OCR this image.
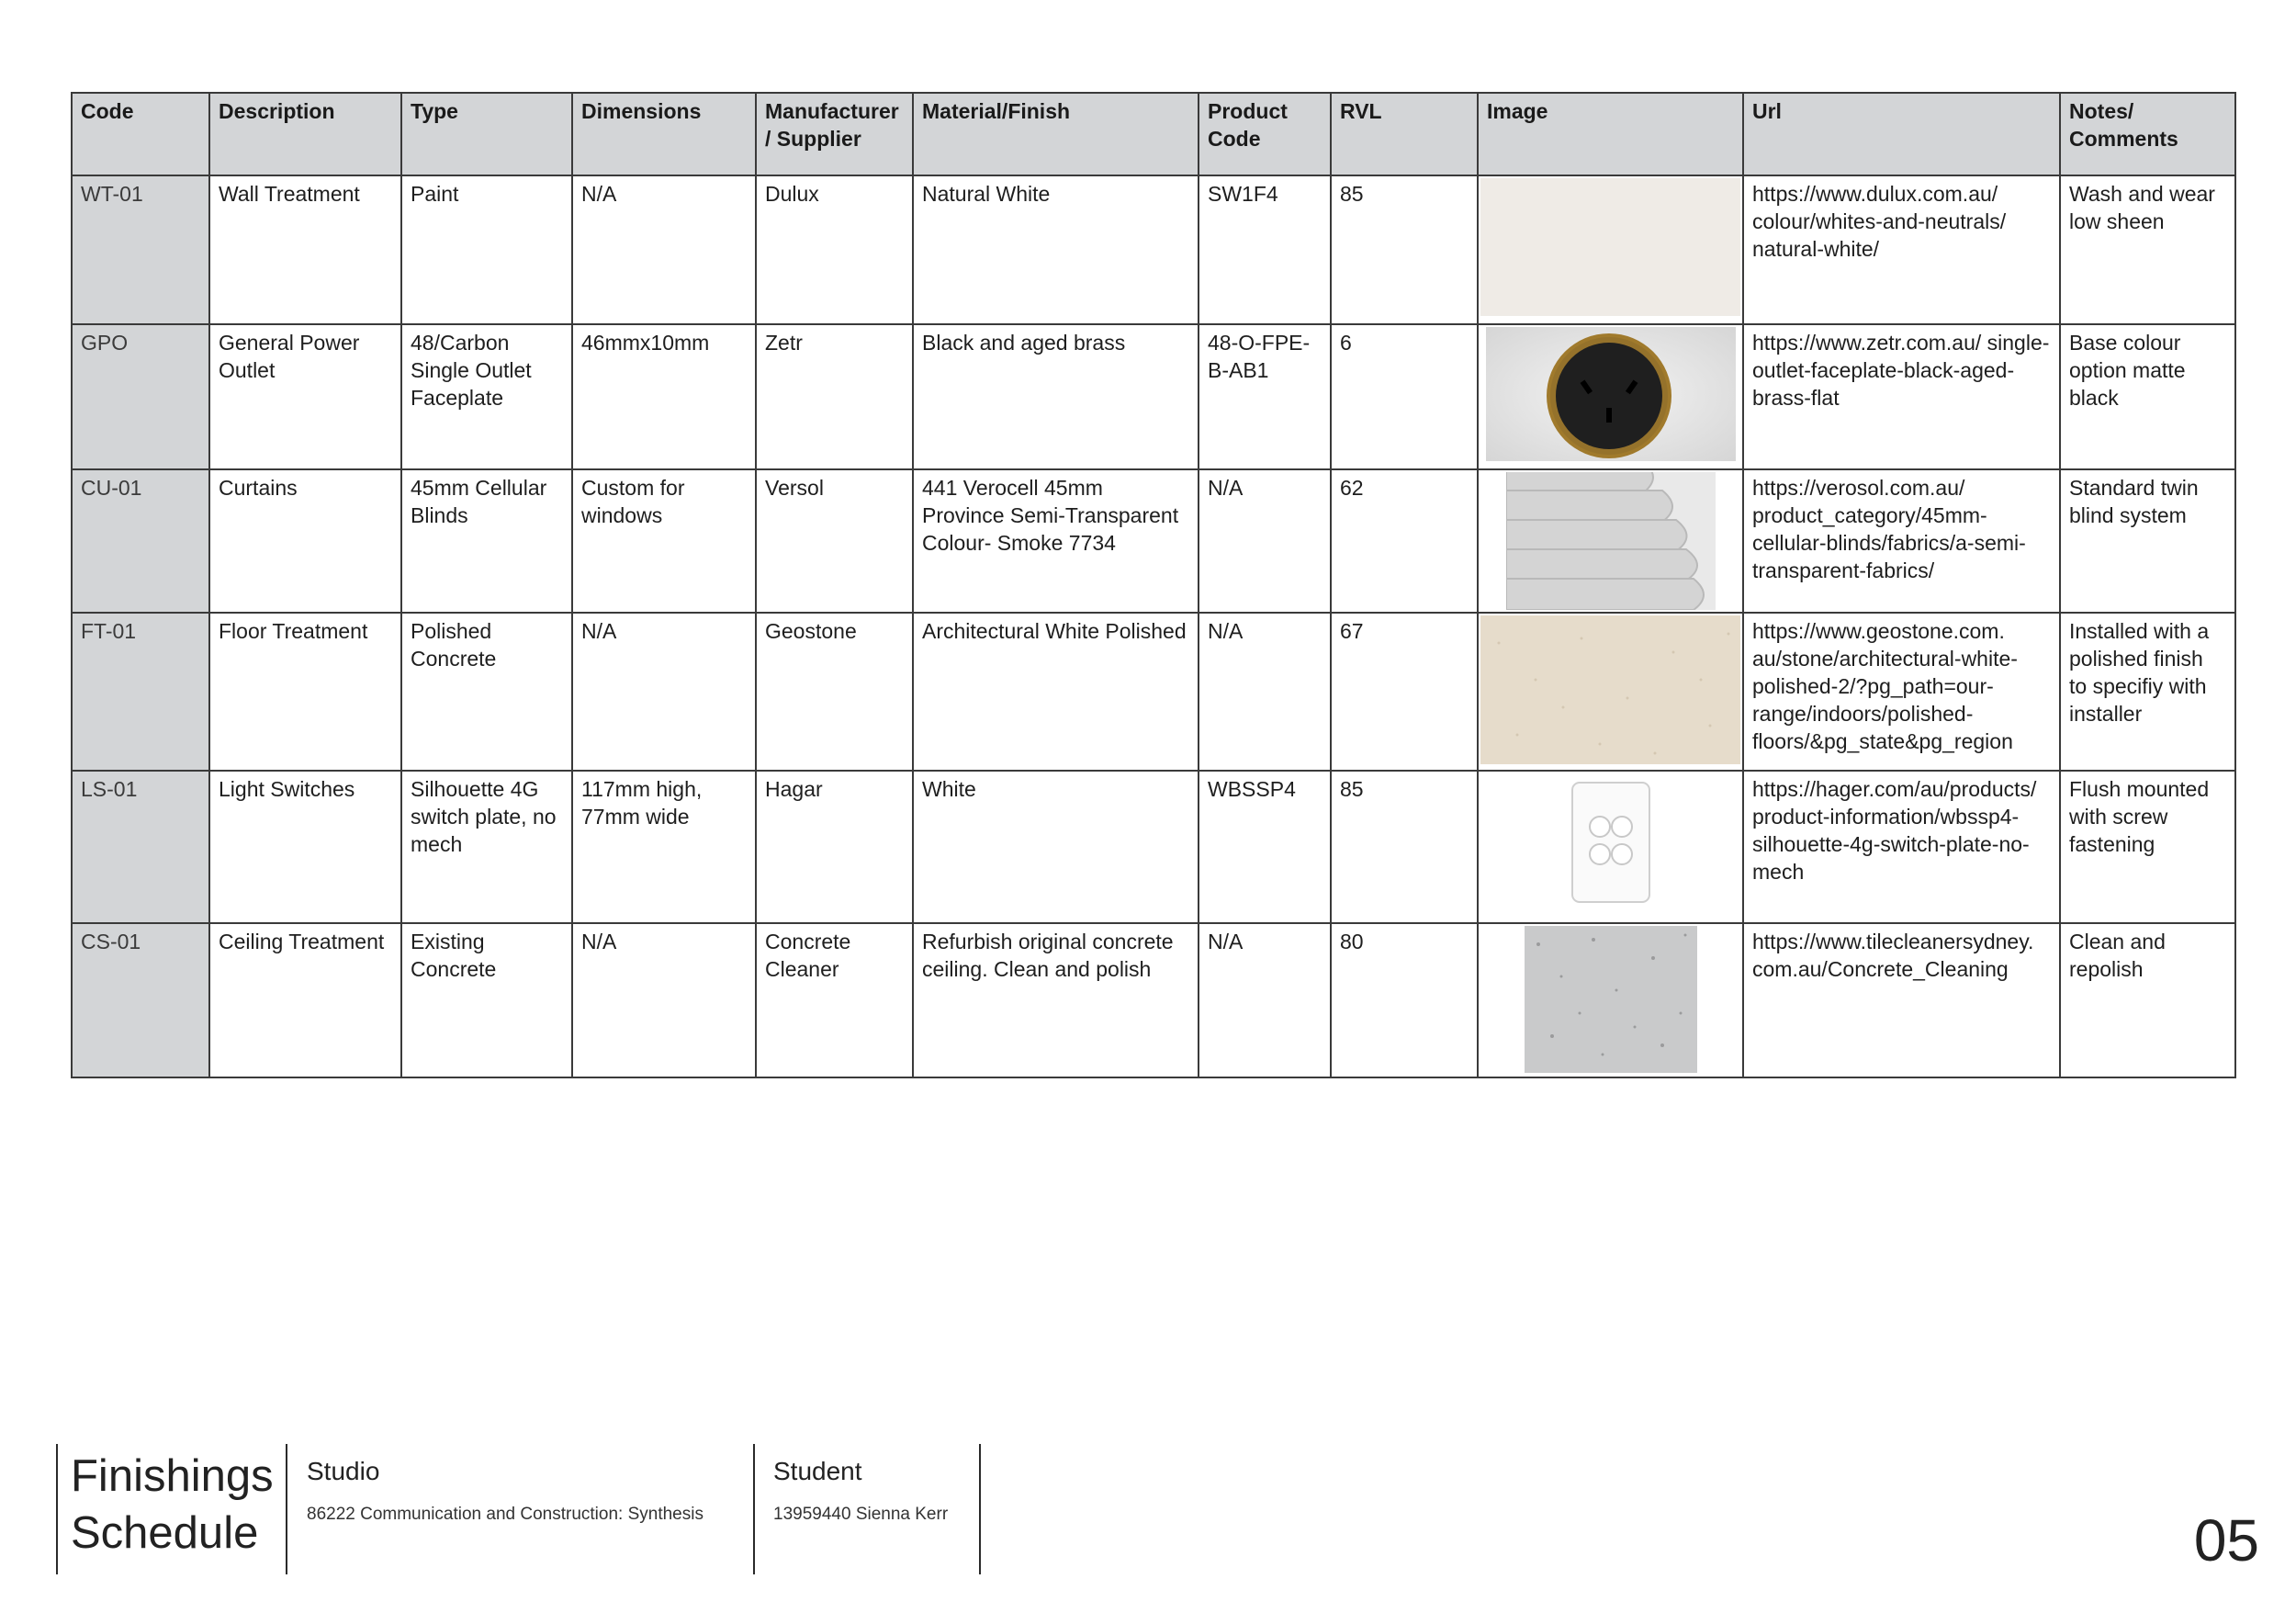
Code	Description	Type	Dimensions	Manufacturer/ Supplier	Material/Finish	Product Code	RVL	Image	Url	Notes/ Comments
WT-01	Wall Treatment	Paint	N/A	Dulux	Natural White	SW1F4	85		https://www.dulux.com.au/ colour/whites-and-neutrals/ natural-white/	Wash and wear low sheen
GPO	General Power Outlet	48/Carbon Single Outlet Faceplate	46mmx10mm	Zetr	Black and aged brass	48-O-FPE-B-AB1	6		https://www.zetr.com.au/ single-outlet-faceplate-black-aged-brass-flat	Base colour option matte black
CU-01	Curtains	45mm Cellular Blinds	Custom for windows	Versol	441 Verocell 45mm Province Semi-Transparent Colour- Smoke 7734	N/A	62		https://verosol.com.au/ product_category/45mm-cellular-blinds/fabrics/a-semi-transparent-fabrics/	Standard twin blind system
FT-01	Floor Treatment	Polished Concrete	N/A	Geostone	Architectural White Polished	N/A	67		https://www.geostone.com. au/stone/architectural-white-polished-2/?pg_path=our-range/indoors/polished-floors/&pg_state&pg_region	Installed with a polished finish to specifiy with installer
LS-01	Light Switches	Silhouette 4G switch plate, no mech	117mm high, 77mm wide	Hagar	White	WBSSP4	85		https://hager.com/au/products/ product-information/wbssp4-silhouette-4g-switch-plate-no-mech	Flush mounted with screw fastening
CS-01	Ceiling Treatment	Existing Concrete	N/A	Concrete Cleaner	Refurbish original concrete ceiling. Clean and polish	N/A	80		https://www.tilecleanersydney. com.au/Concrete_Cleaning	Clean and repolish
Finishings
Schedule
Studio
86222 Communication and Construction: Synthesis
Student
13959440 Sienna Kerr	05
